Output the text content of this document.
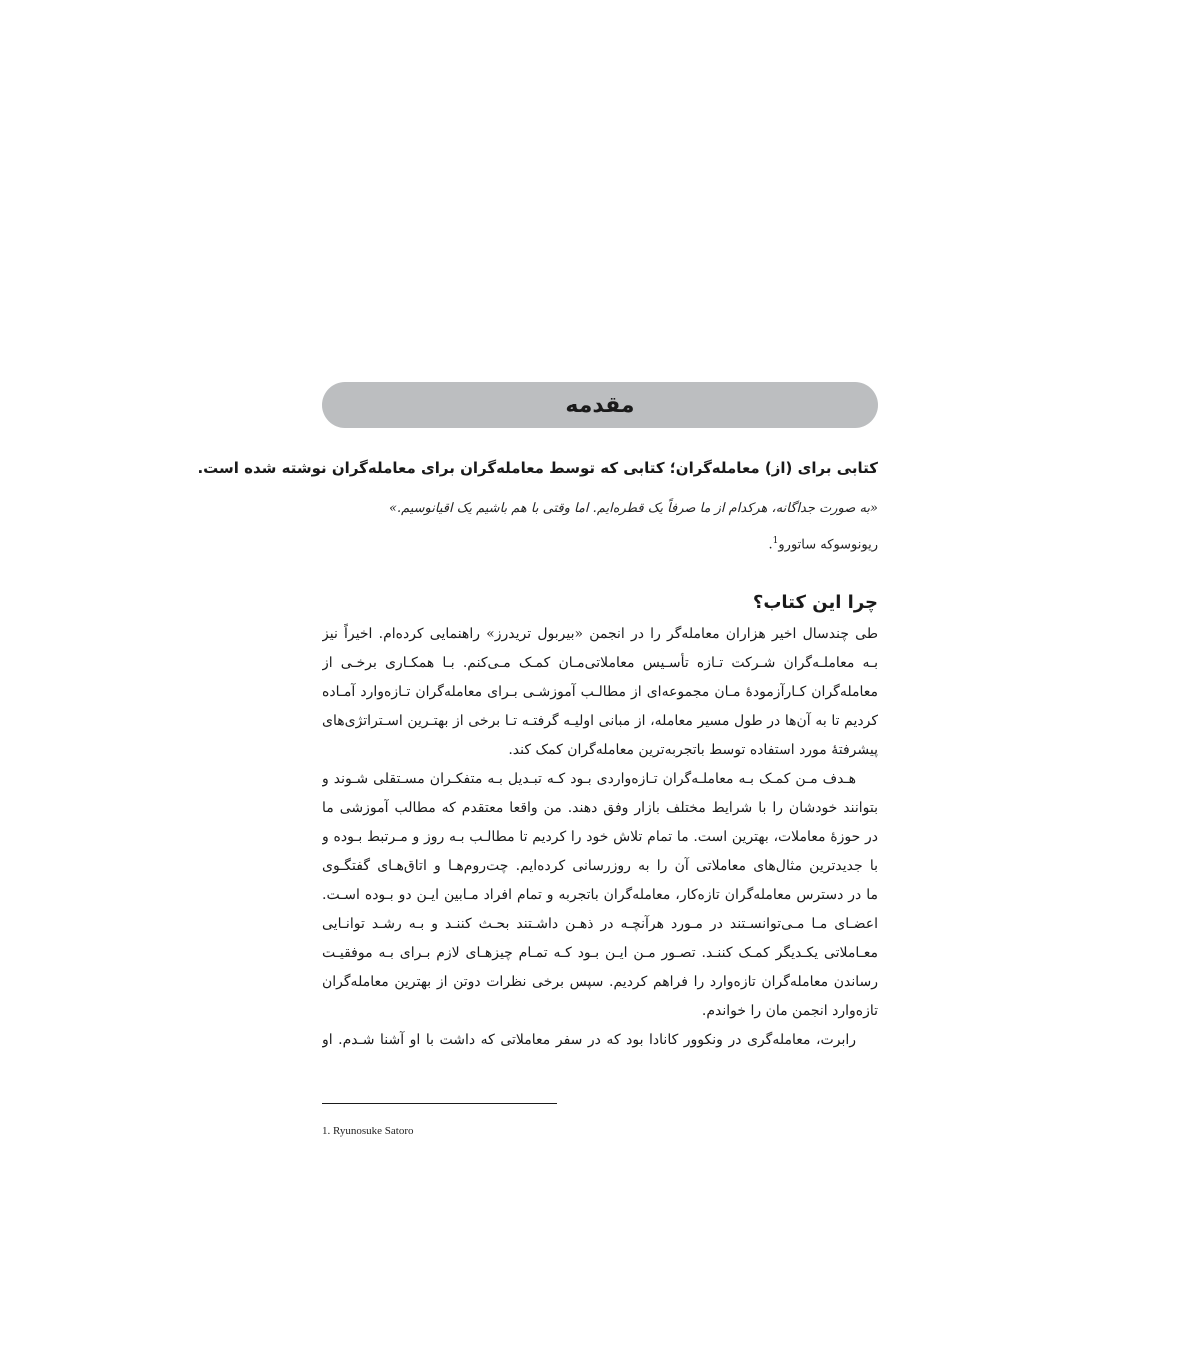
مقدمه
کتابی برای (از) معامله‌گران؛ کتابی که توسط معامله‌گران برای معامله‌گران نوشته شده است.
«به صورت جداگانه، هرکدام از ما صرفاً یک قطره‌ایم. اما وقتی با هم باشیم یک اقیانوسیم.»
ریونوسوکه ساتورو$^1$.
چرا این کتاب؟
طی چندسال اخیر هزاران معامله‌گر را در انجمن «بیربول تریدرز» راهنمایی کرده‌ام. اخیراً نیز
بـه معاملـه‌گران شـرکت تـازه تأسـیس معاملاتی‌مـان کمـک مـی‌کنم. بـا همکـاری برخـی از
معامله‌گران کـارآزمودهٔ مـان مجموعه‌ای از مطالـب آموزشـی بـرای معامله‌گران تـازه‌وارد آمـاده
کردیم تا به آن‌ها در طول مسیر معامله، از مبانی اولیـه گرفتـه تـا برخی از بهتـرین اسـتراتژی‌های
پیشرفتهٔ مورد استفاده توسط باتجربه‌ترین معامله‌گران کمک کند.
هـدف مـن کمـک بـه معاملـه‌گران تـازه‌واردی بـود کـه تبـدیل بـه متفکـران مسـتقلی شـوند و
بتوانند خودشان را با شرایط مختلف بازار وفق دهند. من واقعا معتقدم که مطالب آموزشی ما
در حوزهٔ معاملات، بهترین است. ما تمام تلاش خود را کردیم تا مطالـب بـه روز و مـرتبط بـوده و
با جدیدترین مثال‌های معاملاتی آن را به روزرسانی کرده‌ایم. چت‌روم‌هـا و اتاق‌هـای گفتگـوی
ما در دسترس معامله‌گران تازه‌کار، معامله‌گران باتجربه و تمام افراد مـابین ایـن دو بـوده اسـت.
اعضـای مـا مـی‌توانسـتند در مـورد هرآنچـه در ذهـن داشـتند بحـث کننـد و بـه رشـد توانـایی
معـاملاتی یکـدیگر کمـک کننـد. تصـور مـن ایـن بـود کـه تمـام چیزهـای لازم بـرای بـه موفقیـت
رساندن معامله‌گران تازه‌وارد را فراهم کردیم. سپس برخی نظرات دوتن از بهترین معامله‌گران
تازه‌وارد انجمن مان را خواندم.
رابرت، معامله‌گری در ونکوور کانادا بود که در سفر معاملاتی که داشت با او آشنا شـدم. او
1. Ryunosuke Satoro
